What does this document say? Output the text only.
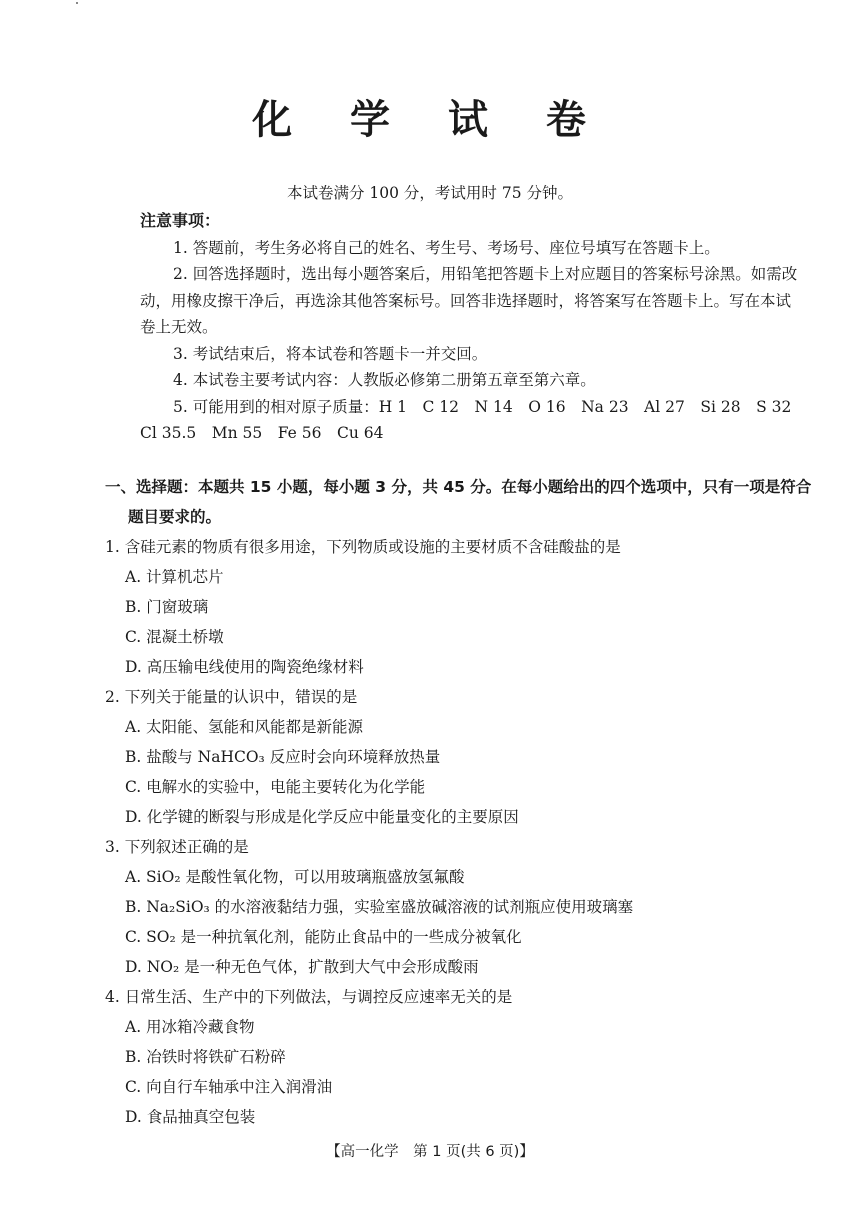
化 学 试 卷
本试卷满分 100 分，考试用时 75 分钟。
注意事项：
1. 答题前，考生务必将自己的姓名、考生号、考场号、座位号填写在答题卡上。
2. 回答选择题时，选出每小题答案后，用铅笔把答题卡上对应题目的答案标号涂黑。如需改动，用橡皮擦干净后，再选涂其他答案标号。回答非选择题时，将答案写在答题卡上。写在本试卷上无效。
3. 考试结束后，将本试卷和答题卡一并交回。
4. 本试卷主要考试内容：人教版必修第二册第五章至第六章。
5. 可能用到的相对原子质量：H 1　C 12　N 14　O 16　Na 23　Al 27　Si 28　S 32　Cl 35.5　Mn 55　Fe 56　Cu 64
一、选择题：本题共 15 小题，每小题 3 分，共 45 分。在每小题给出的四个选项中，只有一项是符合题目要求的。
1. 含硅元素的物质有很多用途，下列物质或设施的主要材质不含硅酸盐的是
A. 计算机芯片
B. 门窗玻璃
C. 混凝土桥墩
D. 高压输电线使用的陶瓷绝缘材料
2. 下列关于能量的认识中，错误的是
A. 太阳能、氢能和风能都是新能源
B. 盐酸与 NaHCO₃ 反应时会向环境释放热量
C. 电解水的实验中，电能主要转化为化学能
D. 化学键的断裂与形成是化学反应中能量变化的主要原因
3. 下列叙述正确的是
A. SiO₂ 是酸性氧化物，可以用玻璃瓶盛放氢氟酸
B. Na₂SiO₃ 的水溶液黏结力强，实验室盛放碱溶液的试剂瓶应使用玻璃塞
C. SO₂ 是一种抗氧化剂，能防止食品中的一些成分被氧化
D. NO₂ 是一种无色气体，扩散到大气中会形成酸雨
4. 日常生活、生产中的下列做法，与调控反应速率无关的是
A. 用冰箱冷藏食物
B. 冶铁时将铁矿石粉碎
C. 向自行车轴承中注入润滑油
D. 食品抽真空包装
【高一化学　第 1 页(共 6 页)】
